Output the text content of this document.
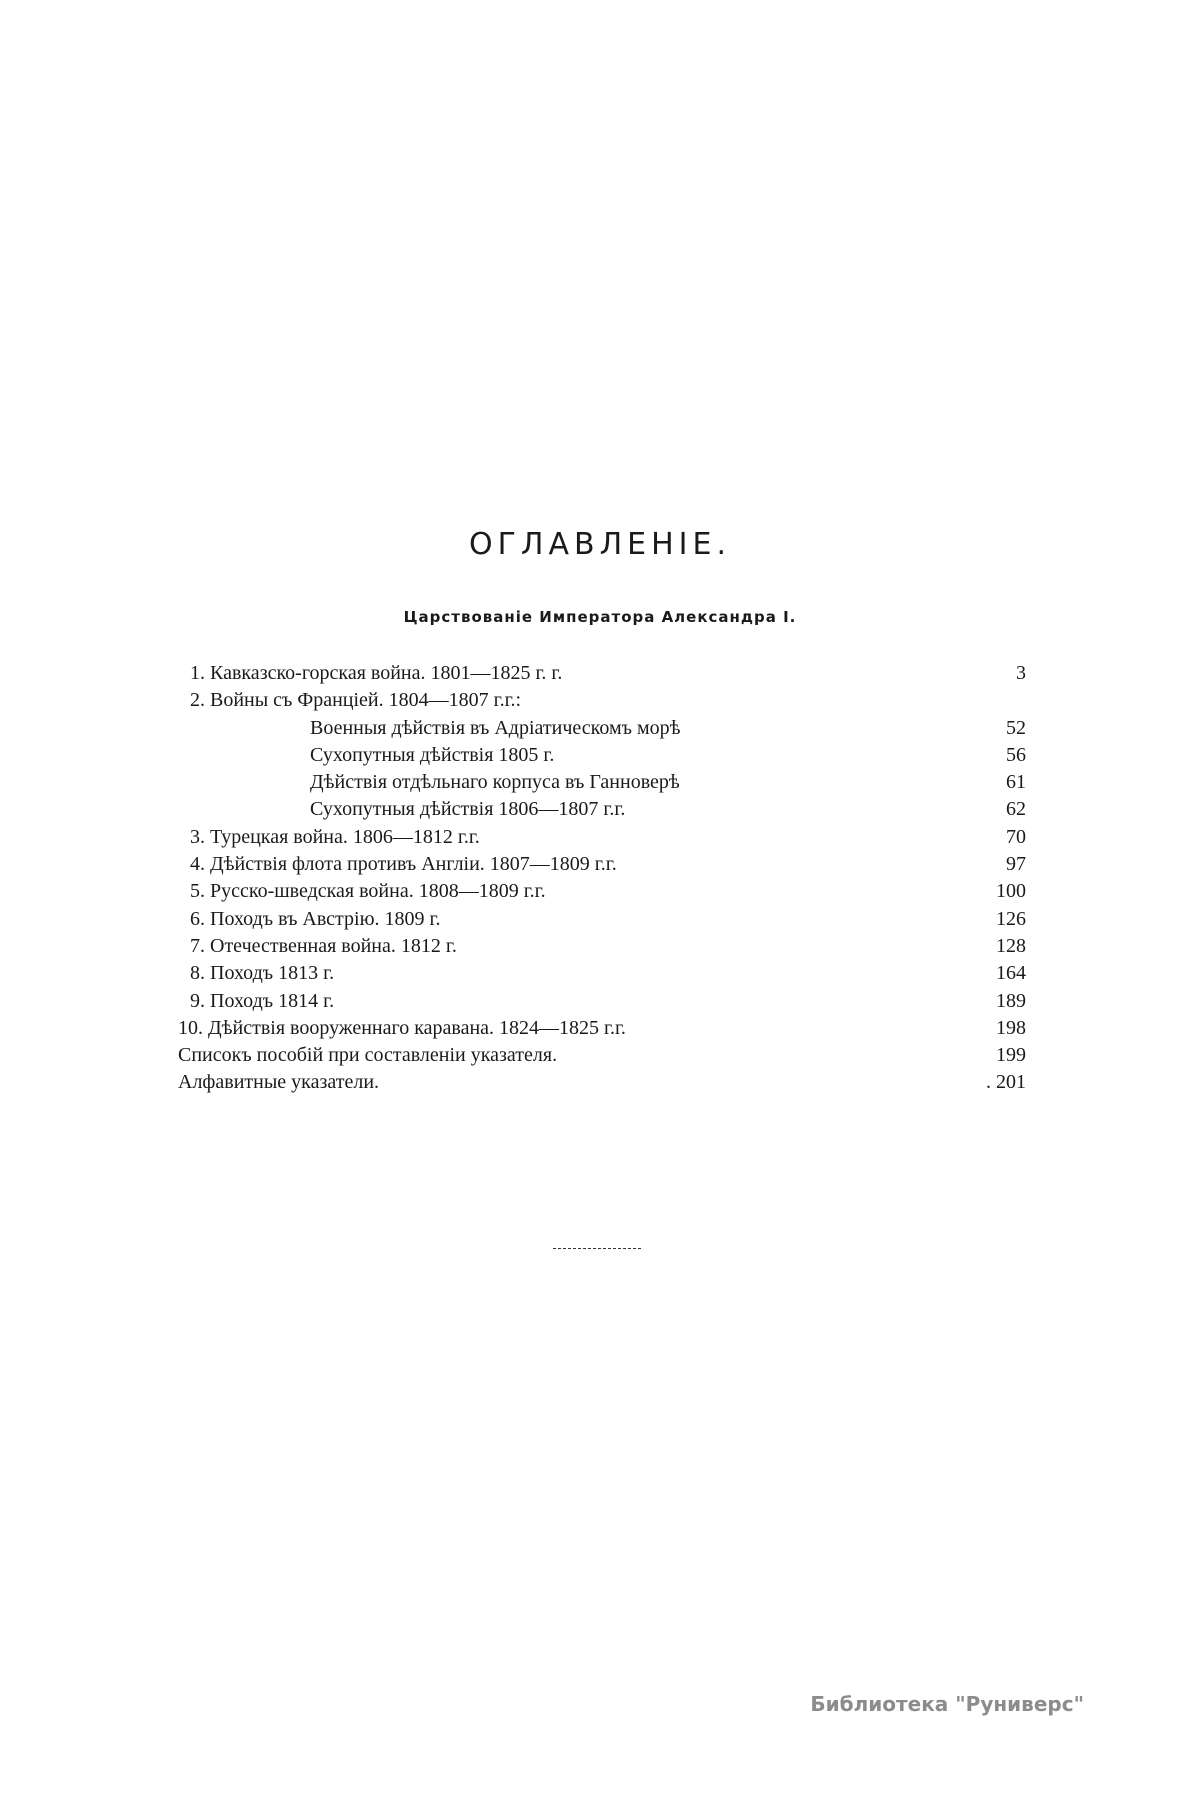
ОГЛАВЛЕНIЕ.
Царствованіе Императора Александра I.
1. Кавказско-горская война. 1801—1825 г. г.	3
2. Войны съ Франціей. 1804—1807 г.г.:
Военныя дѣйствія въ Адріатическомъ морѣ	52
Сухопутныя дѣйствія 1805 г.	56
Дѣйствія отдѣльнаго корпуса въ Ганноверѣ	61
Сухопутныя дѣйствія 1806—1807 г.г.	62
3. Турецкая война. 1806—1812 г.г.	70
4. Дѣйствія флота противъ Англіи. 1807—1809 г.г.	97
5. Русско-шведская война. 1808—1809 г.г.	100
6. Походъ въ Австрію. 1809 г.	126
7. Отечественная война. 1812 г.	128
8. Походъ 1813 г.	164
9. Походъ 1814 г.	189
10. Дѣйствія вооруженнаго каравана. 1824—1825 г.г.	198
Списокъ пособій при составленіи указателя.	199
Алфавитные указатели.	. 201
Библиотека "Руниверс"
